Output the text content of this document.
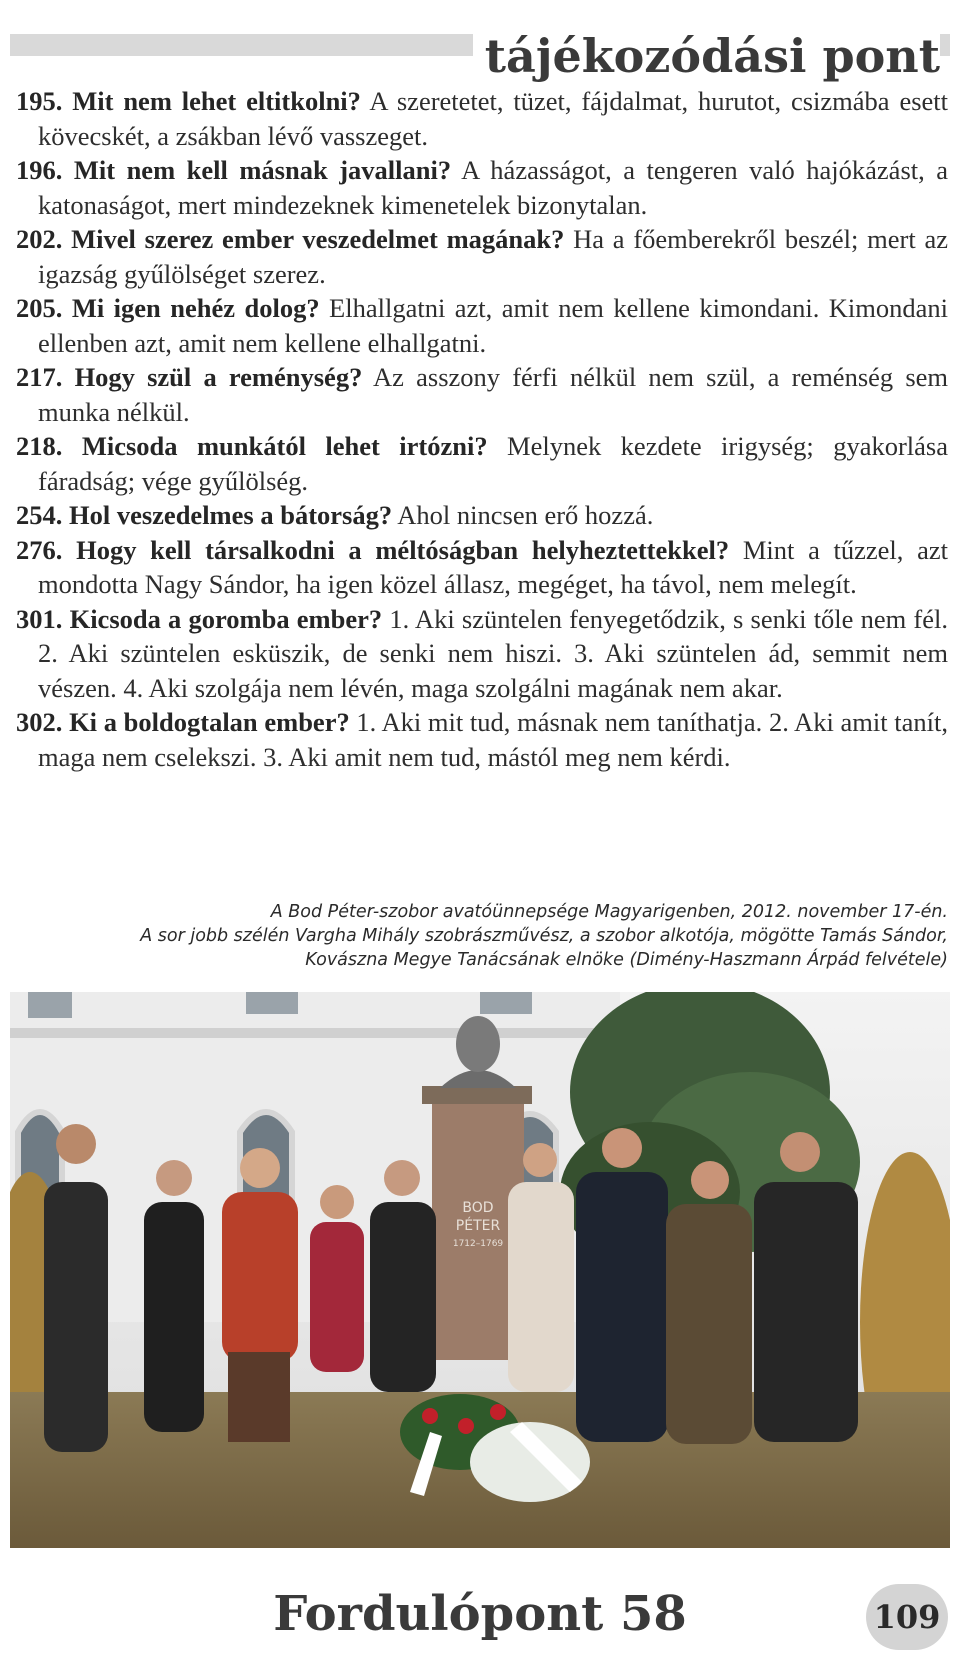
tájékozódási pont

195. Mit nem lehet eltitkolni? A szeretetet, tüzet, fájdalmat, hurutot, csizmába esett kövecskét, a zsákban lévő vasszeget.

196. Mit nem kell másnak javallani? A házasságot, a tengeren való hajókázást, a katonaságot, mert mindezeknek kimenetelek bizonytalan.

202. Mivel szerez ember veszedelmet magának? Ha a főemberekről beszél; mert az igazság gyűlölséget szerez.

205. Mi igen nehéz dolog? Elhallgatni azt, amit nem kellene kimondani. Kimondani ellenben azt, amit nem kellene elhallgatni.

217. Hogy szül a reménység? Az asszony férfi nélkül nem szül, a reménség sem munka nélkül.

218. Micsoda munkától lehet irtózni? Melynek kezdete irigység; gyakorlása fáradság; vége gyűlölség.

254. Hol veszedelmes a bátorság? Ahol nincsen erő hozzá.

276. Hogy kell társalkodni a méltóságban helyheztettekkel? Mint a tűzzel, azt mondotta Nagy Sándor, ha igen közel állasz, megéget, ha távol, nem melegít.

301. Kicsoda a goromba ember? 1. Aki szüntelen fenyegetődzik, s senki tőle nem fél. 2. Aki szüntelen esküszik, de senki nem hiszi. 3. Aki szüntelen ád, semmit nem vészen. 4. Aki szolgája nem lévén, maga szolgálni magának nem akar.

302. Ki a boldogtalan ember? 1. Aki mit tud, másnak nem taníthatja. 2. Aki amit tanít, maga nem cselekszi. 3. Aki amit nem tud, mástól meg nem kérdi.

A Bod Péter-szobor avatóünnepsége Magyarigenben, 2012. november 17-én.
A sor jobb szélén Vargha Mihály szobrászművész, a szobor alkotója, mögötte Tamás Sándor,
Kovászna Megye Tanácsának elnöke (Dimény-Haszmann Árpád felvétele)
BOD
PÉTER
1712–1769
Fordulópont 58	109
